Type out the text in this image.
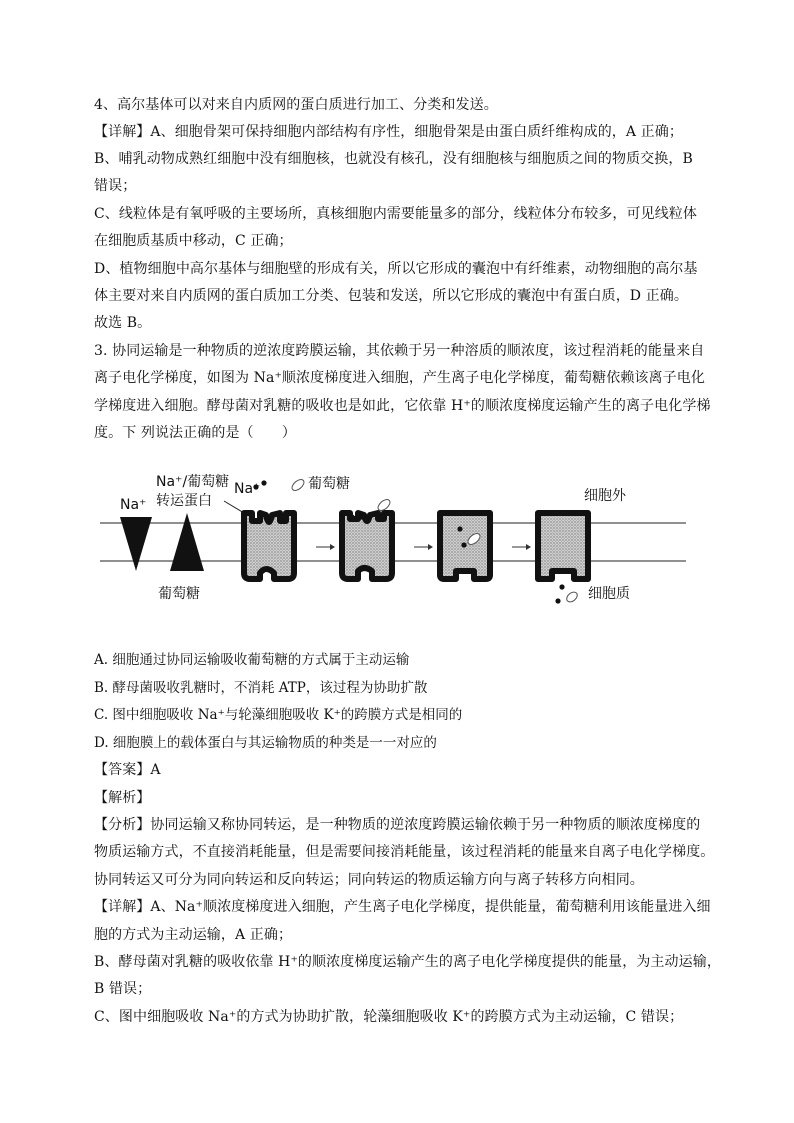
4、高尔基体可以对来自内质网的蛋白质进行加工、分类和发送。
【详解】A、细胞骨架可保持细胞内部结构有序性，细胞骨架是由蛋白质纤维构成的，A 正确；
B、哺乳动物成熟红细胞中没有细胞核，也就没有核孔，没有细胞核与细胞质之间的物质交换，B
错误；
C、线粒体是有氧呼吸的主要场所，真核细胞内需要能量多的部分，线粒体分布较多，可见线粒体
在细胞质基质中移动，C 正确；
D、植物细胞中高尔基体与细胞壁的形成有关，所以它形成的囊泡中有纤维素，动物细胞的高尔基
体主要对来自内质网的蛋白质加工分类、包装和发送，所以它形成的囊泡中有蛋白质，D 正确。
故选 B。
3. 协同运输是一种物质的逆浓度跨膜运输，其依赖于另一种溶质的顺浓度，该过程消耗的能量来自
离子电化学梯度，如图为 Na⁺顺浓度梯度进入细胞，产生离子电化学梯度，葡萄糖依赖该离子电化
学梯度进入细胞。酵母菌对乳糖的吸收也是如此，它依靠 H⁺的顺浓度梯度运输产生的离子电化学梯
度。下 列说法正确的是（　　）
Na⁺/葡萄糖
转运蛋白
Na⁺
Na⁺	葡萄糖
葡萄糖
细胞外
细胞质
A. 细胞通过协同运输吸收葡萄糖的方式属于主动运输
B. 酵母菌吸收乳糖时，不消耗 ATP，该过程为协助扩散
C. 图中细胞吸收 Na⁺与轮藻细胞吸收 K⁺的跨膜方式是相同的
D. 细胞膜上的载体蛋白与其运输物质的种类是一一对应的
【答案】A
【解析】
【分析】协同运输又称协同转运，是一种物质的逆浓度跨膜运输依赖于另一种物质的顺浓度梯度的
物质运输方式，不直接消耗能量，但是需要间接消耗能量，该过程消耗的能量来自离子电化学梯度。
协同转运又可分为同向转运和反向转运；同向转运的物质运输方向与离子转移方向相同。
【详解】A、Na⁺顺浓度梯度进入细胞，产生离子电化学梯度，提供能量，葡萄糖利用该能量进入细
胞的方式为主动运输，A 正确；
B、酵母菌对乳糖的吸收依靠 H⁺的顺浓度梯度运输产生的离子电化学梯度提供的能量，为主动运输，
B 错误；
C、图中细胞吸收 Na⁺的方式为协助扩散，轮藻细胞吸收 K⁺的跨膜方式为主动运输，C 错误；
